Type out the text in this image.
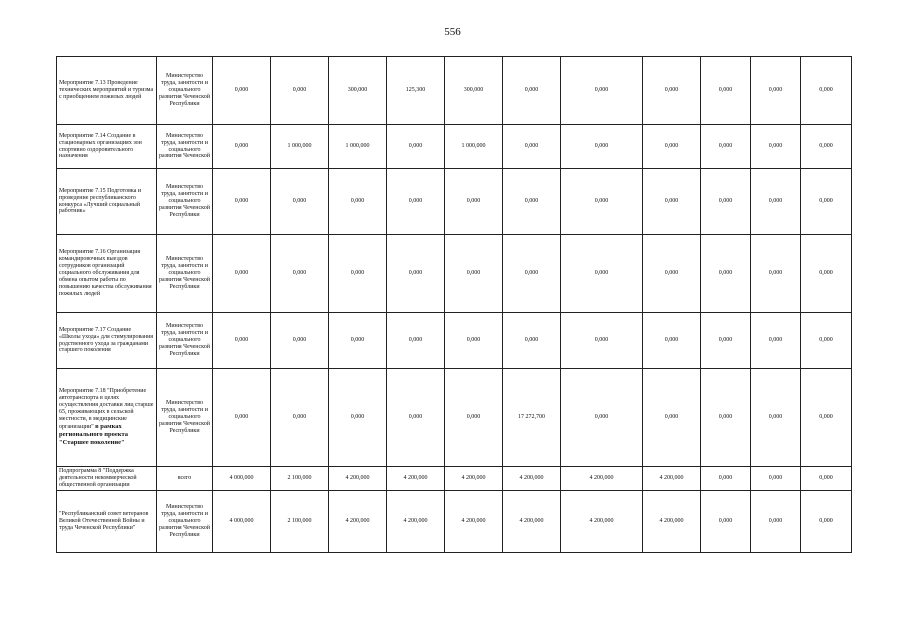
556
Мероприятие 7.13 Проведение технических мероприятий и туризма с приобщением пожилых людей	Министерство труда, занятости и социального развития Чеченской Республики	0,000	0,000	300,000	125,300	300,000	0,000	0,000	0,000	0,000	0,000	0,000
Мероприятие 7.14 Создание в стационарных организациях зон спортивно оздоровительного назначения	Министерство труда, занятости и социального развития Чеченской	0,000	1 000,000	1 000,000	0,000	1 000,000	0,000	0,000	0,000	0,000	0,000	0,000
Мероприятие 7.15 Подготовка и проведение республиканского конкурса «Лучший социальный работник»	Министерство труда, занятости и социального развития Чеченской Республики	0,000	0,000	0,000	0,000	0,000	0,000	0,000	0,000	0,000	0,000	0,000
Мероприятие 7.16 Организация командировочных выездов сотрудников организаций социального обслуживания для обмена опытом работы по повышению качества обслуживания пожилых людей	Министерство труда, занятости и социального развития Чеченской Республики	0,000	0,000	0,000	0,000	0,000	0,000	0,000	0,000	0,000	0,000	0,000
Мероприятие 7.17 Создание «Школы ухода» для стимулирования родственного ухода за гражданами старшего поколения	Министерство труда, занятости и социального развития Чеченской Республики	0,000	0,000	0,000	0,000	0,000	0,000	0,000	0,000	0,000	0,000	0,000
Мероприятие 7.18 "Приобретение автотранспорта в целях осуществления доставки лиц старше 65, проживающих в сельской местности, в медицинские организации" в рамках регионального проекта "Старшее поколение"	Министерство труда, занятости и социального развития Чеченской Республики	0,000	0,000	0,000	0,000	0,000	17 272,700	0,000	0,000	0,000	0,000	0,000
Подпрограмма 8 "Поддержка деятельности некоммерческой общественной организации	всего	4 000,000	2 100,000	4 200,000	4 200,000	4 200,000	4 200,000	4 200,000	4 200,000	0,000	0,000	0,000
"Республиканский совет ветеранов Великой Отечественной Войны и труда Чеченской Республики"	Министерство труда, занятости и социального развития Чеченской Республики	4 000,000	2 100,000	4 200,000	4 200,000	4 200,000	4 200,000	4 200,000	4 200,000	0,000	0,000	0,000
